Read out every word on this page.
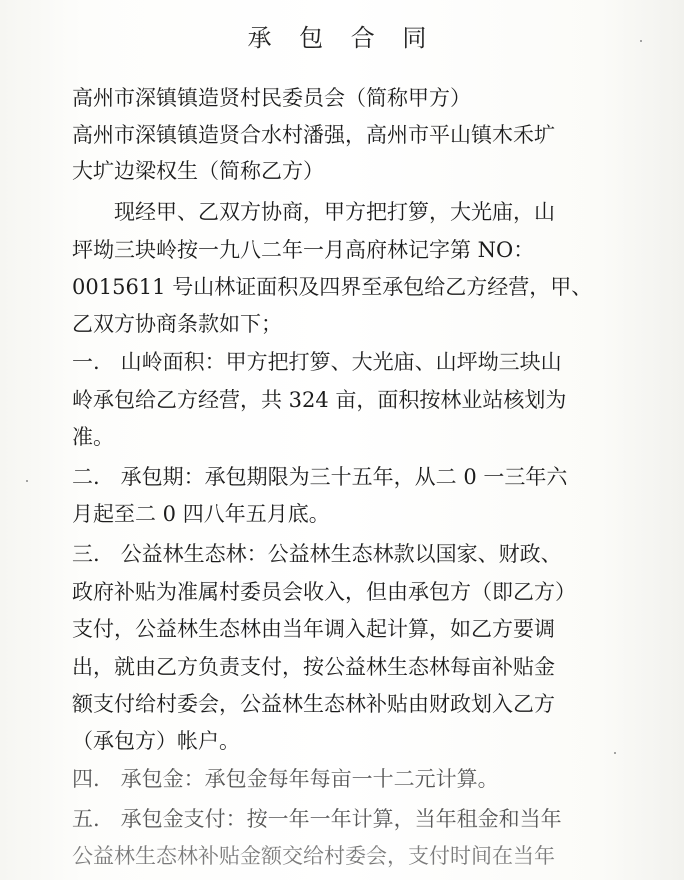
承 包 合 同
高州市深镇镇造贤村民委员会（简称甲方）
高州市深镇镇造贤合水村潘强，高州市平山镇木禾圹
大圹边梁权生（简称乙方）
　　现经甲、乙双方协商，甲方把打箩，大光庙，山
坪坳三块岭按一九八二年一月高府林记字第 NO：
0015611 号山林证面积及四界至承包给乙方经营，甲、
乙双方协商条款如下；
一.　山岭面积：甲方把打箩、大光庙、山坪坳三块山
岭承包给乙方经营，共 324 亩，面积按林业站核划为
准。
二.　承包期：承包期限为三十五年，从二 0 一三年六
月起至二 0 四八年五月底。
三.　公益林生态林：公益林生态林款以国家、财政、
政府补贴为准属村委员会收入，但由承包方（即乙方）
支付，公益林生态林由当年调入起计算，如乙方要调
出，就由乙方负责支付，按公益林生态林每亩补贴金
额支付给村委会，公益林生态林补贴由财政划入乙方
（承包方）帐户。
四.　承包金：承包金每年每亩一十二元计算。
五.　承包金支付：按一年一年计算，当年租金和当年
公益林生态林补贴金额交给村委会，支付时间在当年
